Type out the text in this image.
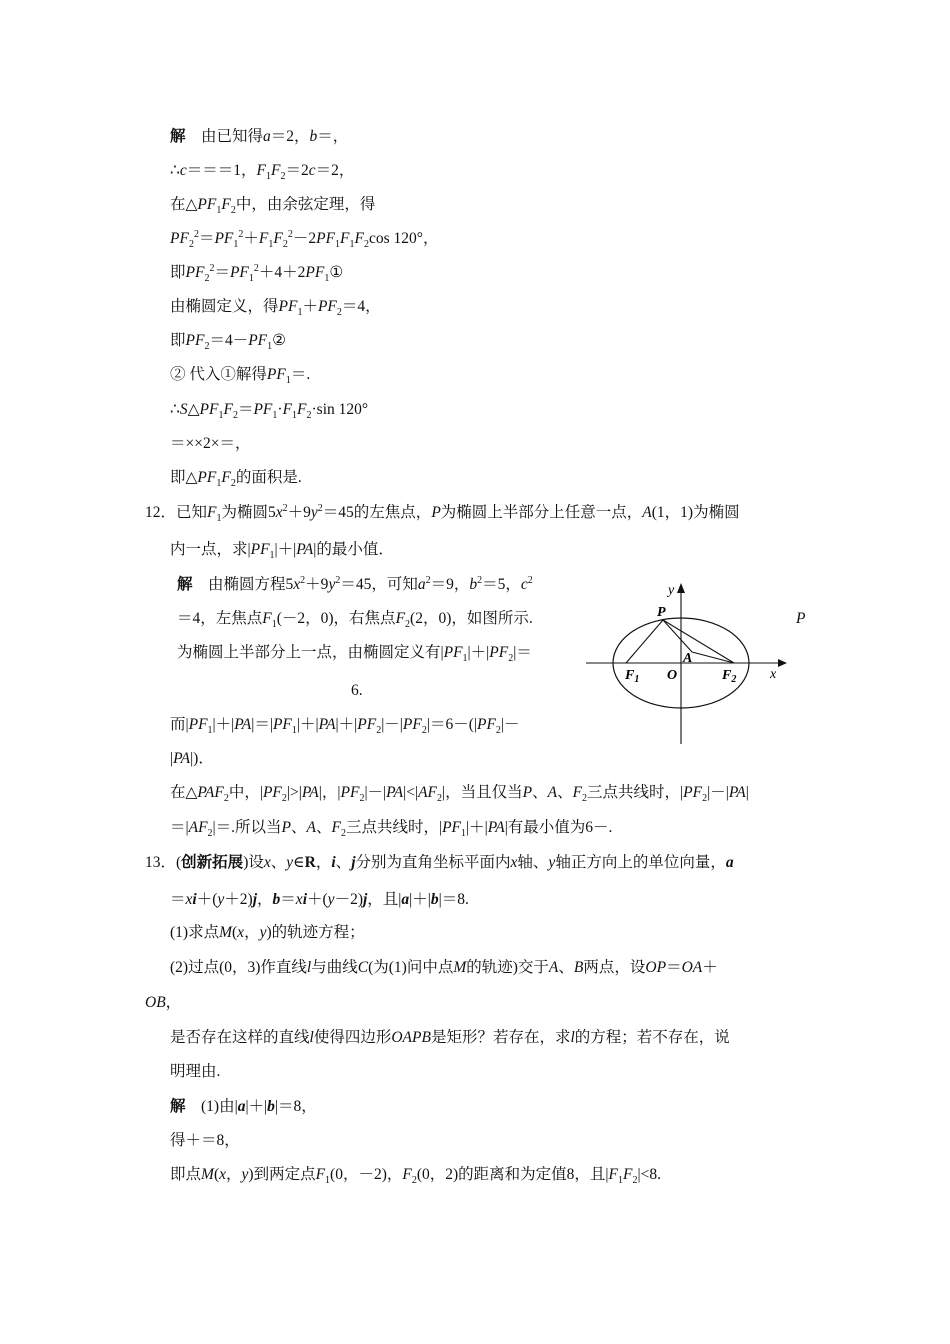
解　由已知得a＝2，b＝，
∴c＝＝＝1，$F_1F_2=2c=2$，
在$\triangle PF_1F_2$中，由余弦定理，得
$PF_2^2=PF_1^2+F_1F_2^2-2PF_1F_1F_2\cos$ 120°，
即$PF_2^2=PF_1^2+4+2PF_1①$
由椭圆定义，得$PF_1+PF_2=4$，
即$PF_2=4-PF_1②$
② 代入①解得$PF_1=$.
$\therefore S\triangle PF_1F_2=PF_1\cdot F_1F_2\cdot\sin$ 120°
＝××2×＝，
即$\triangle PF_1F_2$的面积是.
12．已知$F_1$为椭圆$5x^2+9y^2=45$的左焦点，P为椭圆上半部分上任意一点，A(1，1)为椭圆
内一点，求$|PF_1|+|PA|$的最小值．
解　由椭圆方程$5x^2+9y^2=45$，可知$a^2=9$，$b^2=5$，$c^2$
＝4，左焦点$F_1(-2$，0)，右焦点$F_2(2$，0)，如图所示.
为椭圆上半部分上一点，由椭圆定义有$|PF_1|+|PF_2|=$
6.
P
y
x
P
A
O
$F_1$	$F_2$
而$|PF_1|+|PA|=|PF_1|+|PA|+|PF_2|-|PF_2|=6-(|PF_2|-$
|PA|)．
在$\triangle PAF_2$中，$|PF_2|>|PA|$，$|PF_2|-|PA|<|AF_2|$，当且仅当P、A、$F_2$三点共线时，$|PF_2|-|PA|$
$=|AF_2|=$.所以当P、A、$F_2$三点共线时，$|PF_1|+|PA|$有最小值为6－.
13．(创新拓展)设x、y∈R，i、j分别为直角坐标平面内x轴、y轴正方向上的单位向量，a
＝xi＋(y＋2)j，b＝xi＋(y－2)j，且|a|＋|b|＝8.
(1)求点M(x，y)的轨迹方程；
(2)过点(0，3)作直线l与曲线C(为(1)问中点M的轨迹)交于A、B两点，设OP＝OA＋
OB，
是否存在这样的直线l使得四边形OAPB是矩形？若存在，求l的方程；若不存在，说
明理由.
解　(1)由|a|＋|b|＝8，
得＋＝8，
即点M(x，y)到两定点$F_1(0$，－2)，$F_2(0$，2)的距离和为定值8，且$|F_1F_2|<8$.
